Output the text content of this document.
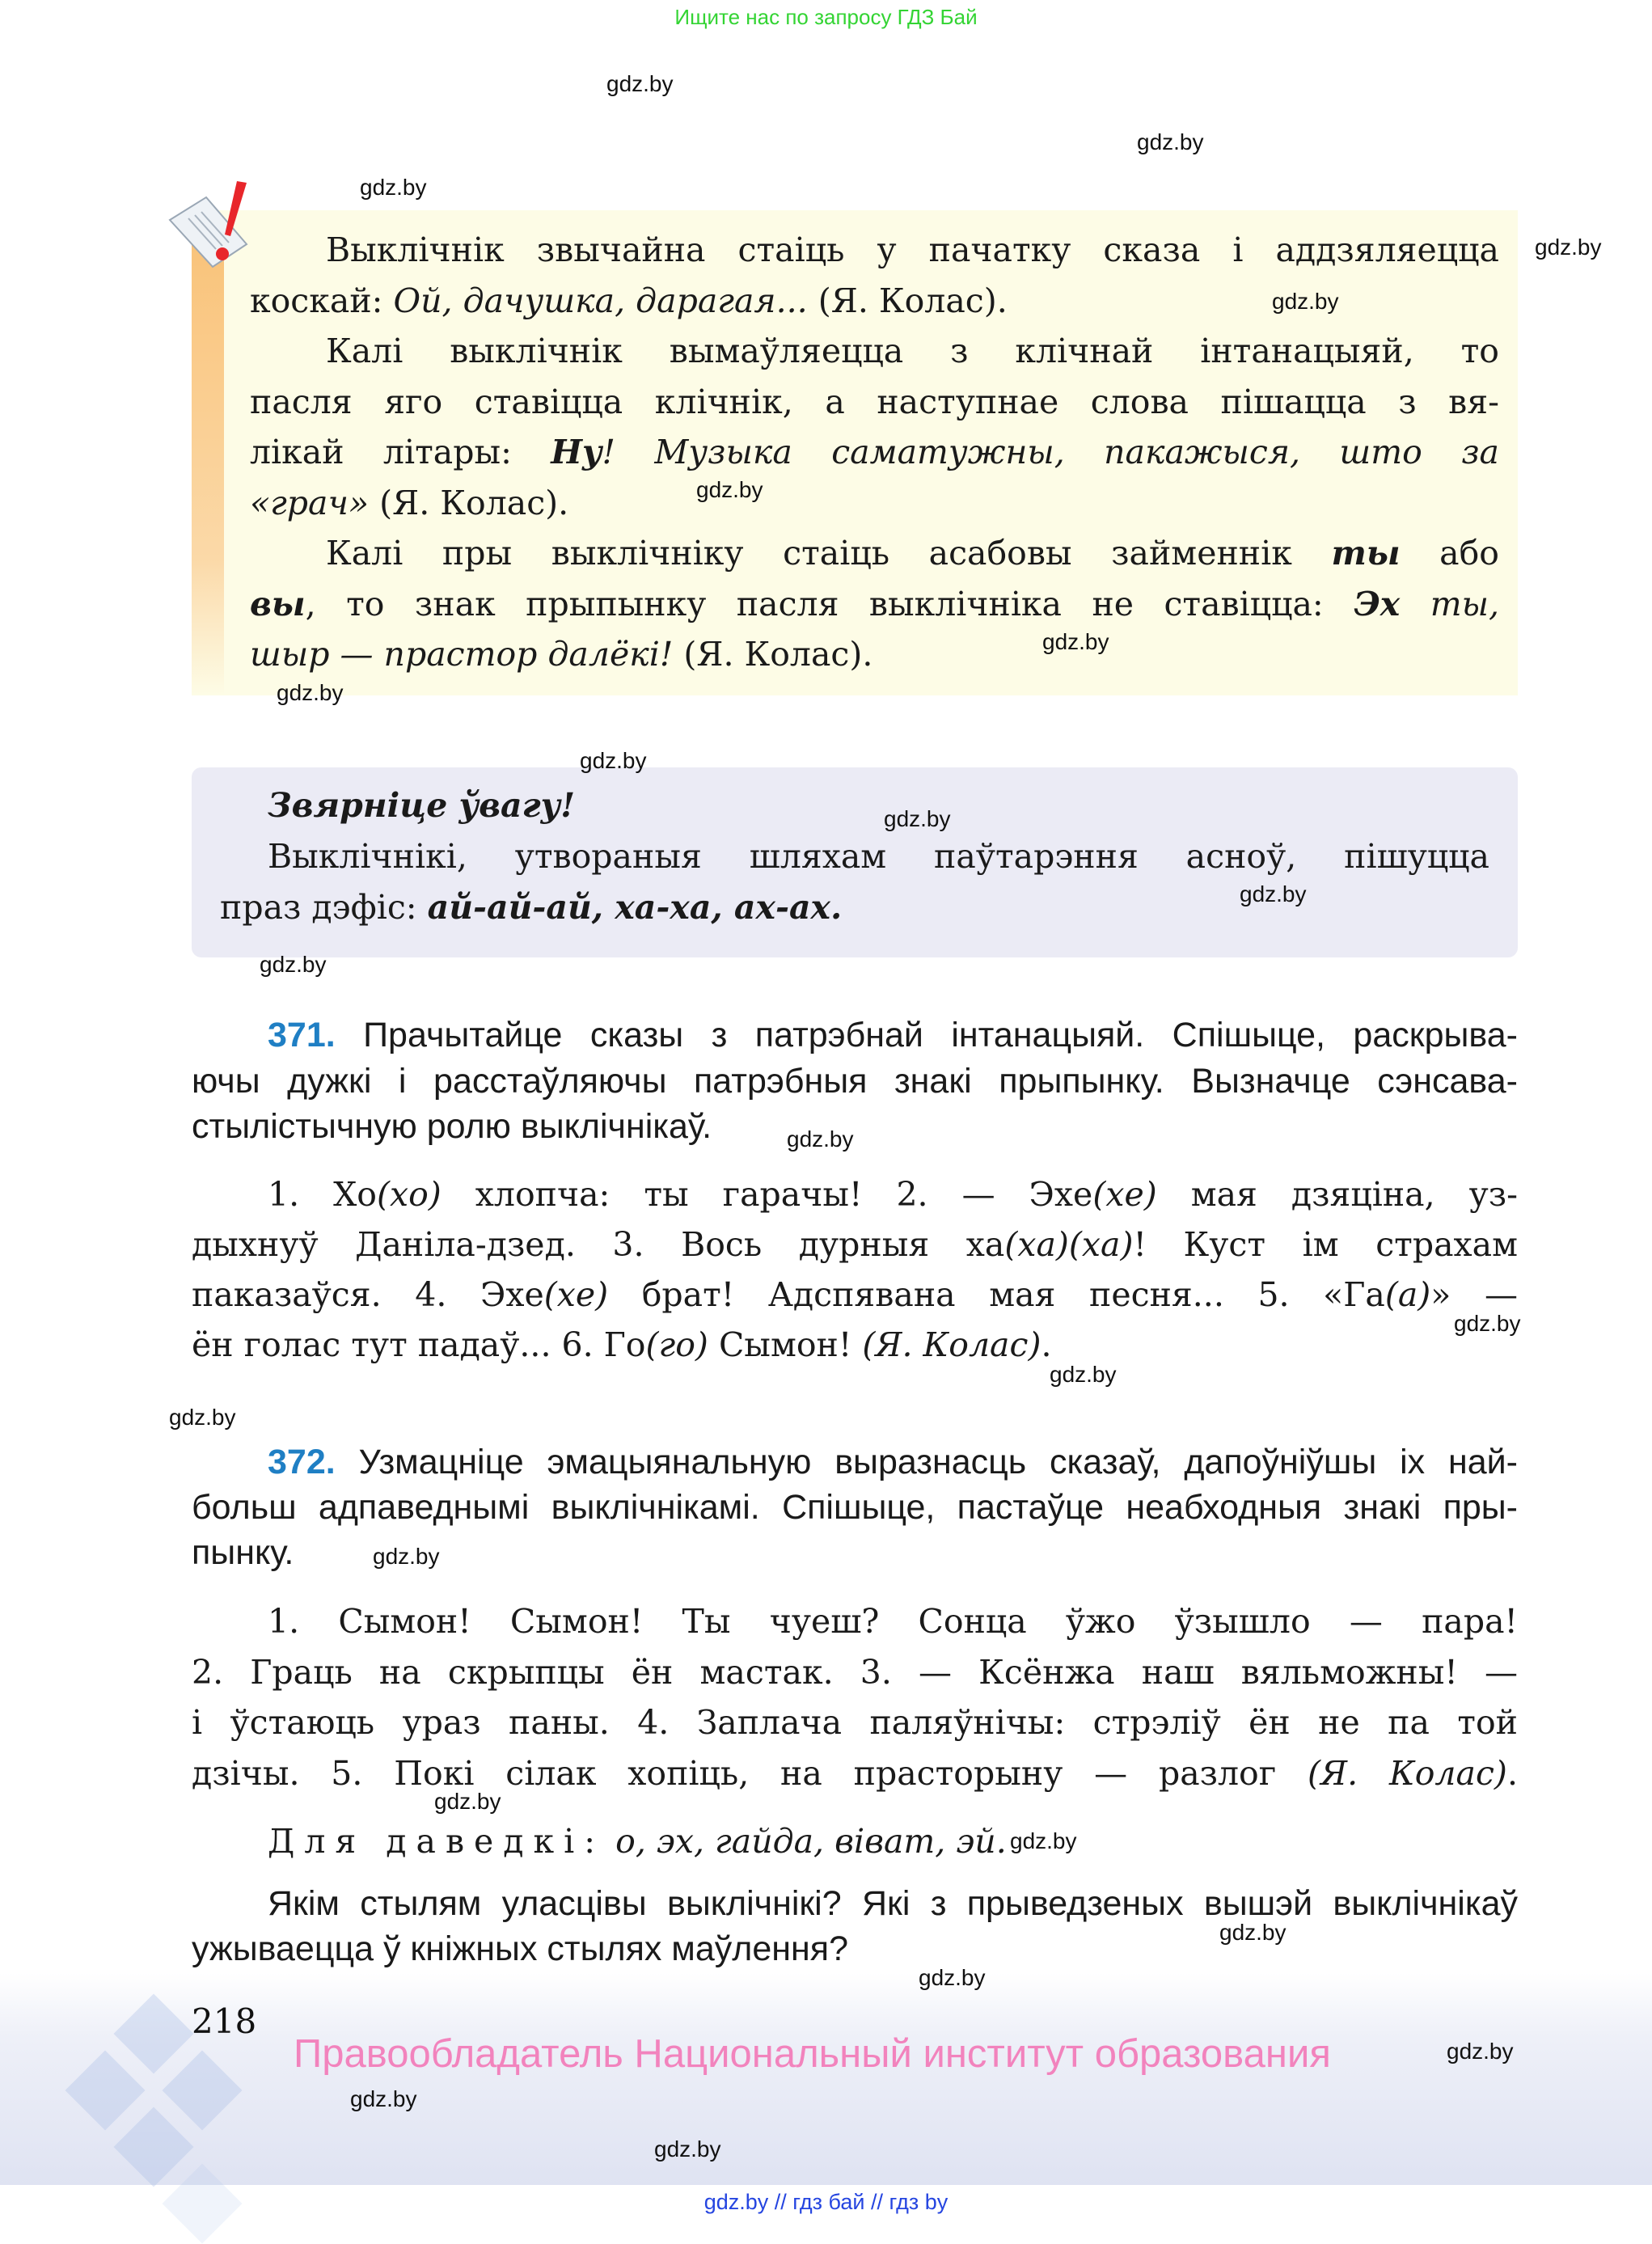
Ищите нас по запросу ГДЗ Бай
Выклічнік звычайна стаіць у пачатку сказа і аддзяляецца
коскай: Ой, дачушка, дарагая... (Я. Колас).
Калі выклічнік вымаўляецца з клічнай інтанацыяй, то
пасля яго ставіцца клічнік, а наступнае слова пішацца з вя-
лікай літары: Ну! Музыка саматужны, пакажыся, што за
«грач» (Я. Колас).
Калі пры выклічніку стаіць асабовы займеннік ты або
вы, то знак прыпынку пасля выклічніка не ставіцца: Эх ты,
шыр — прастор далёкі! (Я. Колас).
Звярніце ўвагу!
Выклічнікі, утвораныя шляхам паўтарэння асноў, пішуцца
праз дэфіс: ай-ай-ай, ха-ха, ах-ах.
371. Прачытайце сказы з патрэбнай інтанацыяй. Спішыце, раскрыва-
ючы дужкі і расстаўляючы патрэбныя знакі прыпынку. Вызначце сэнсава-
стылістычную ролю выклічнікаў.
1. Хо(хо) хлопча: ты гарачы! 2. — Эхе(хе) мая дзяціна, уз-
дыхнуў Даніла-дзед. 3. Вось дурныя ха(ха)(ха)! Куст ім страхам
паказаўся. 4. Эхе(хе) брат! Адспявана мая песня... 5. «Га(а)» —
ён голас тут падаў... 6. Го(го) Сымон! (Я. Колас).
372. Узмацніце эмацыянальную выразнасць сказаў, дапоўніўшы іх най-
больш адпаведнымі выклічнікамі. Спішыце, пастаўце неабходныя знакі пры-
пынку.
1. Сымон! Сымон! Ты чуеш? Сонца ўжо ўзышло — пара!
2. Граць на скрыпцы ён мастак. 3. — Ксёнжа наш вяльможны! —
і ўстаюць ураз паны. 4. Заплача паляўнічы: стрэліў ён не па той
дзічы. 5. Покі сілак хопіць, на прасторыну — разлог (Я. Колас).
Для даведкі: о, эх, гайда, віват, эй.
Якім стылям уласцівы выклічнікі? Які з прыведзеных вышэй выклічнікаў
ужываецца ў кніжных стылях маўлення?
218
Правообладатель Национальный институт образования
gdz.by // гдз бай // гдз by
gdz.by
gdz.by
gdz.by
gdz.by
gdz.by
gdz.by
gdz.by
gdz.by
gdz.by
gdz.by
gdz.by
gdz.by
gdz.by
gdz.by
gdz.by
gdz.by
gdz.by
gdz.by
gdz.by
gdz.by
gdz.by
gdz.by
gdz.by
gdz.by
